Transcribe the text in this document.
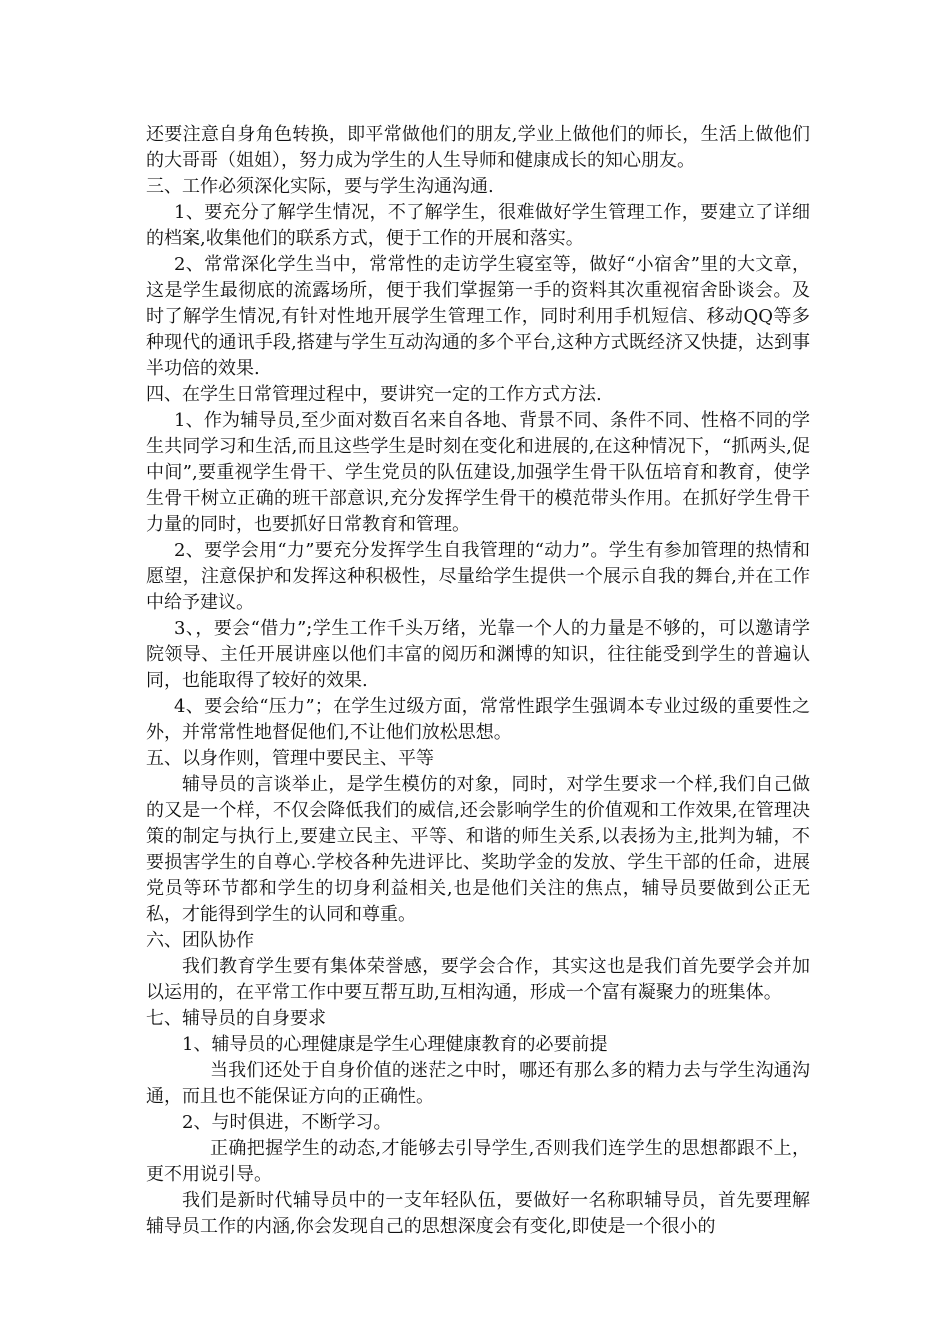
还要注意自身角色转换，即平常做他们的朋友,学业上做他们的师长，生活上做他们的大哥哥（姐姐），努力成为学生的人生导师和健康成长的知心朋友。

三、工作必须深化实际，要与学生沟通沟通.

1、要充分了解学生情况，不了解学生，很难做好学生管理工作，要建立了详细的档案,收集他们的联系方式，便于工作的开展和落实。

2、常常深化学生当中，常常性的走访学生寝室等，做好“小宿舍”里的大文章，这是学生最彻底的流露场所，便于我们掌握第一手的资料其次重视宿舍卧谈会。及时了解学生情况,有针对性地开展学生管理工作，同时利用手机短信、移动QQ等多种现代的通讯手段,搭建与学生互动沟通的多个平台,这种方式既经济又快捷，达到事半功倍的效果.

四、在学生日常管理过程中，要讲究一定的工作方式方法.

1、作为辅导员,至少面对数百名来自各地、背景不同、条件不同、性格不同的学生共同学习和生活,而且这些学生是时刻在变化和进展的,在这种情况下，“抓两头,促中间”,要重视学生骨干、学生党员的队伍建设,加强学生骨干队伍培育和教育，使学生骨干树立正确的班干部意识,充分发挥学生骨干的模范带头作用。在抓好学生骨干力量的同时，也要抓好日常教育和管理。

2、要学会用“力”要充分发挥学生自我管理的“动力”。学生有参加管理的热情和愿望，注意保护和发挥这种积极性，尽量给学生提供一个展示自我的舞台,并在工作中给予建议。

3、，要会“借力”;学生工作千头万绪，光靠一个人的力量是不够的，可以邀请学院领导、主任开展讲座以他们丰富的阅历和渊博的知识，往往能受到学生的普遍认同，也能取得了较好的效果.

4、要会给“压力”；在学生过级方面，常常性跟学生强调本专业过级的重要性之外，并常常性地督促他们,不让他们放松思想。

五、以身作则，管理中要民主、平等

辅导员的言谈举止，是学生模仿的对象，同时，对学生要求一个样,我们自己做的又是一个样，不仅会降低我们的威信,还会影响学生的价值观和工作效果,在管理决策的制定与执行上,要建立民主、平等、和谐的师生关系,以表扬为主,批判为辅，不要损害学生的自尊心.学校各种先进评比、奖助学金的发放、学生干部的任命，进展党员等环节都和学生的切身利益相关,也是他们关注的焦点，辅导员要做到公正无私，才能得到学生的认同和尊重。

六、团队协作

我们教育学生要有集体荣誉感，要学会合作，其实这也是我们首先要学会并加以运用的，在平常工作中要互帮互助,互相沟通，形成一个富有凝聚力的班集体。

七、辅导员的自身要求

1、辅导员的心理健康是学生心理健康教育的必要前提

当我们还处于自身价值的迷茫之中时，哪还有那么多的精力去与学生沟通沟通，而且也不能保证方向的正确性。

2、与时俱进，不断学习。

正确把握学生的动态,才能够去引导学生,否则我们连学生的思想都跟不上，更不用说引导。

我们是新时代辅导员中的一支年轻队伍，要做好一名称职辅导员，首先要理解辅导员工作的内涵,你会发现自己的思想深度会有变化,即使是一个很小的
